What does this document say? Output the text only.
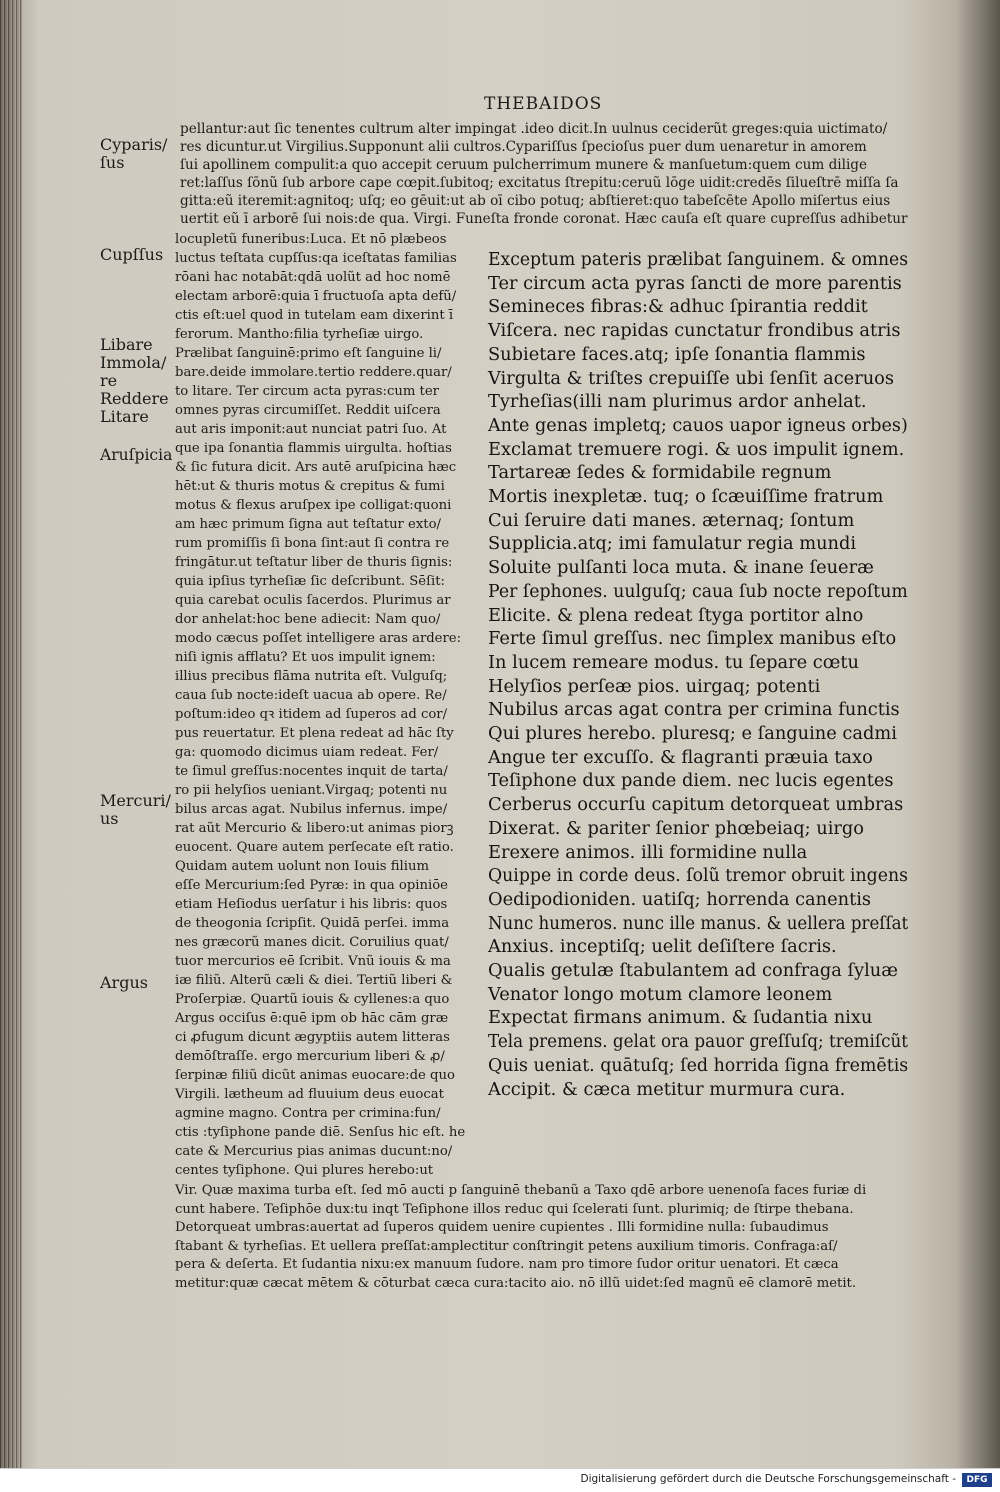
THEBAIDOS
Cyparis/
ſus
Cupſſus
Libare
Immola/
re
Reddere
Litare
Aruſpicia
Mercuri/
us
Argus
pellantur:aut ſic tenentes cultrum alter impingat .ideo dicit.In uulnus ceciderũt greges:quia uictimato/
res dicuntur.ut Virgilius.Supponunt alii cultros.Cypariſſus ſpecioſus puer dum uenaretur in amorem
ſui apollinem compulit:a quo accepit ceruum pulcherrimum munere & manſuetum:quem cum dilige
ret:laſſus ſōnũ ſub arbore cape cœpit.ſubitoq; excitatus ſtrepitu:ceruũ lōge uidit:credēs ſilueſtrē miſſa ſa
gitta:eũ iteremit:agnitoq; uſq; eo gēuit:ut ab oī cibo potuq; abſtieret:quo tabeſcēte Apollo miſertus eius
uertit eũ ī arborē ſui nois:de qua. Virgi. Funeſta fronde coronat. Hæc cauſa eſt quare cupreſſus adhibetur
locupletũ funeribus:Luca. Et nō plæbeos
luctus teſtata cupſſus:qa iceſtatas familias
rōani hac notabāt:qdā uolũt ad hoc nomē
electam arborē:quia ī fructuoſa apta defũ/
ctis eſt:uel quod in tutelam eam dixerint ī
ferorum. Mantho:filia tyrheſiæ uirgo.
Prælibat ſanguinē:primo eſt ſanguine li/
bare.deide immolare.tertio reddere.quar/
to litare. Ter circum acta pyras:cum ter
omnes pyras circumiſſet. Reddit uiſcera
aut aris imponit:aut nunciat patri ſuo. At
que ipa ſonantia flammis uirgulta. hoſtias
& ſic futura dicit. Ars autē aruſpicina hæc
hēt:ut & thuris motus & crepitus & fumi
motus & flexus aruſpex ipe colligat:quoni
am hæc primum ſigna aut teſtatur exto/
rum promiſſis ſi bona ſint:aut ſi contra re
fringātur.ut teſtatur liber de thuris ſignis:
quia ipſius tyrheſiæ ſic deſcribunt. Sēſit:
quia carebat oculis ſacerdos. Plurimus ar
dor anhelat:hoc bene adiecit: Nam quo/
modo cæcus poſſet intelligere aras ardere:
niſi ignis afflatu? Et uos impulit ignem:
illius precibus flāma nutrita eſt. Vulguſq;
caua ſub nocte:ideſt uacua ab opere. Re/
poſtum:ideo qꝛ itidem ad ſuperos ad cor/
pus reuertatur. Et plena redeat ad hāc ſty
ga: quomodo dicimus uiam redeat. Fer/
te ſimul greſſus:nocentes inquit de tarta/
ro pii helyſios ueniant.Virgaq; potenti nu
bilus arcas agat. Nubilus infernus. impe/
rat aũt Mercurio & libero:ut animas piorꝫ
euocent. Quare autem perſecate eſt ratio.
Quidam autem uolunt non Iouis filium
eſſe Mercurium:ſed Pyræ: in qua opiniōe
etiam Heſiodus uerſatur i his libris: quos
de theogonia ſcripſit. Quidā perſei. imma
nes græcorũ manes dicit. Coruilius quat/
tuor mercurios eē ſcribit. Vnũ iouis & ma
iæ filiũ. Alterũ cæli & diei. Tertiũ liberi &
Proſerpiæ. Quartũ iouis & cyllenes:a quo
Argus occiſus ē:quē ipm ob hāc cām græ
ci ꝓfugum dicunt ægyptiis autem litteras
demōſtraſſe. ergo mercurium liberi & ꝓ/
ſerpinæ filiũ dicũt animas euocare:de quo
Virgili. lætheum ad fluuium deus euocat
agmine magno. Contra per crimina:fun/
ctis :tyſiphone pande diē. Senſus hic eſt. he
cate & Mercurius pias animas ducunt:no/
centes tyſiphone. Qui plures herebo:ut
Exceptum pateris prælibat ſanguinem. & omnes
Ter circum acta pyras ſancti de more parentis
Semineces fibras:& adhuc ſpirantia reddit
Viſcera. nec rapidas cunctatur frondibus atris
Subietare faces.atq; ipſe ſonantia flammis
Virgulta & triſtes crepuiſſe ubi ſenſit aceruos
Tyrheſias(illi nam plurimus ardor anhelat.
Ante genas impletq; cauos uapor igneus orbes)
Exclamat tremuere rogi. & uos impulit ignem.
Tartareæ ſedes & formidabile regnum
Mortis inexpletæ. tuq; o ſcæuiſſime fratrum
Cui ſeruire dati manes. æternaq; ſontum
Supplicia.atq; imi famulatur regia mundi
Soluite pulſanti loca muta. & inane ſeueræ
Per ſephones. uulguſq; caua ſub nocte repoſtum
Elicite. & plena redeat ſtyga portitor alno
Ferte ſimul greſſus. nec ſimplex manibus eſto
In lucem remeare modus. tu ſepare cœtu
Helyſios perſeæ pios. uirgaq; potenti
Nubilus arcas agat contra per crimina functis
Qui plures herebo. pluresq; e ſanguine cadmi
Angue ter excuſſo. & flagranti præuia taxo
Teſiphone dux pande diem. nec lucis egentes
Cerberus occurſu capitum detorqueat umbras
Dixerat. & pariter ſenior phœbeiaq; uirgo
Erexere animos. illi formidine nulla
Quippe in corde deus. ſolũ tremor obruit ingens
Oedipodioniden. uatiſq; horrenda canentis
Nunc humeros. nunc ille manus. & uellera preſſat
Anxius. inceptiſq; uelit deſiſtere ſacris.
Qualis getulæ ſtabulantem ad confraga ſyluæ
Venator longo motum clamore leonem
Expectat firmans animum. & ſudantia nixu
Tela premens. gelat ora pauor greſſuſq; tremiſcũt
Quis ueniat. quātuſq; ſed horrida ſigna fremētis
Accipit. & cæca metitur murmura cura.
Vir. Quæ maxima turba eſt. ſed mō aucti p ſanguinē thebanũ a Taxo qdē arbore uenenoſa faces furiæ di
cunt habere. Teſiphōe dux:tu inqt Teſiphone illos reduc qui ſcelerati ſunt. plurimiq; de ſtirpe thebana.
Detorqueat umbras:auertat ad ſuperos quidem uenire cupientes . Illi formidine nulla: ſubaudimus
ſtabant & tyrheſias. Et uellera preſſat:amplectitur conſtringit petens auxilium timoris. Confraga:aſ/
pera & deſerta. Et ſudantia nixu:ex manuum ſudore. nam pro timore ſudor oritur uenatori. Et cæca
metitur:quæ cæcat mētem & cōturbat cæca cura:tacito aio. nō illũ uidet:ſed magnũ eē clamorē metit.
Digitalisierung gefördert durch die Deutsche Forschungsgemeinschaft -	DFG
